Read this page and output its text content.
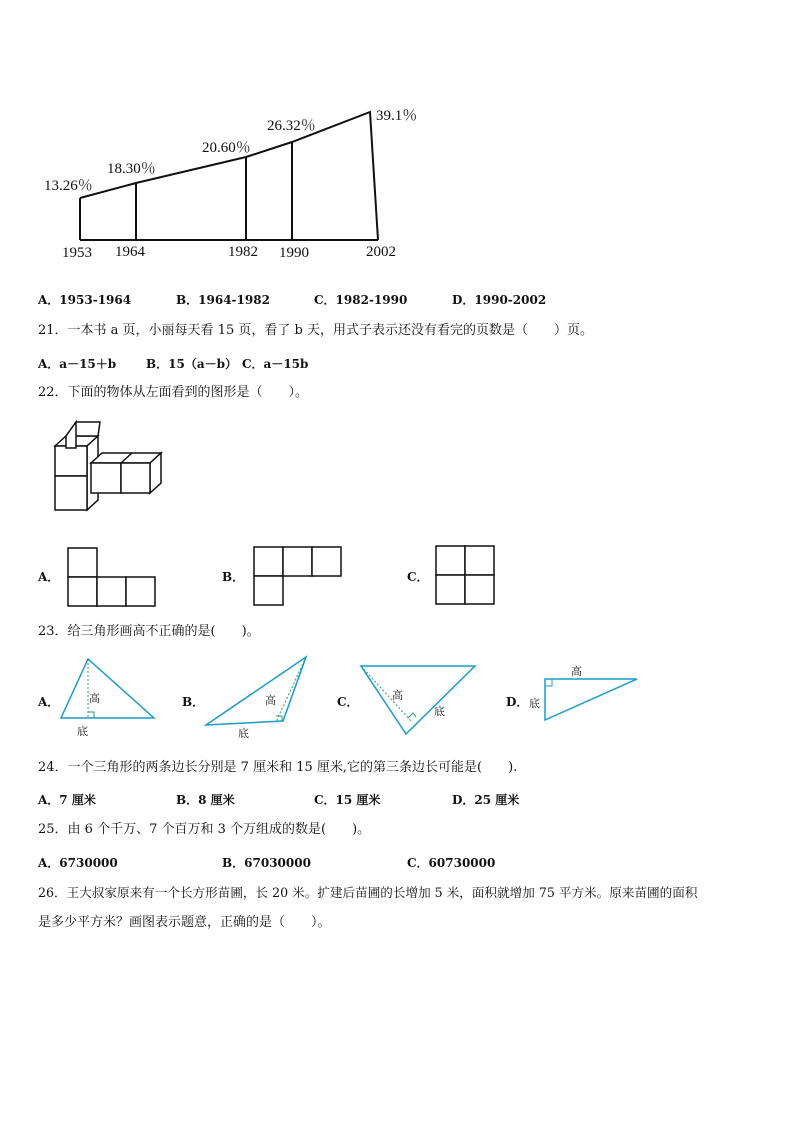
13.26％
18.30％
20.60％
26.32％
39.1％
1953 1964	1982 1990	2002
A．1953-1964	B．1964-1982	C．1982-1990	D．1990-2002
21．一本书 a 页，小丽每天看 15 页，看了 b 天，用式子表示还没有看完的页数是（　　）页。
A．a－15＋b B．15（a－b） C．a－15b
22．下面的物体从左面看到的图形是（　　）。
A．	B．	C．
23．给三角形画高不正确的是(　　)。
A．	高
底
B．	高
底
C．	高
底
D．
高
底
24．一个三角形的两条边长分别是 7 厘米和 15 厘米,它的第三条边长可能是(　　).
A．7 厘米	B．8 厘米	C．15 厘米	D．25 厘米
25．由 6 个千万、7 个百万和 3 个万组成的数是(　　)。
A．6730000	B．67030000	C．60730000
26．王大叔家原来有一个长方形苗圃，长 20 米。扩建后苗圃的长增加 5 米，面积就增加 75 平方米。原来苗圃的面积
是多少平方米？画图表示题意，正确的是（　　）。
